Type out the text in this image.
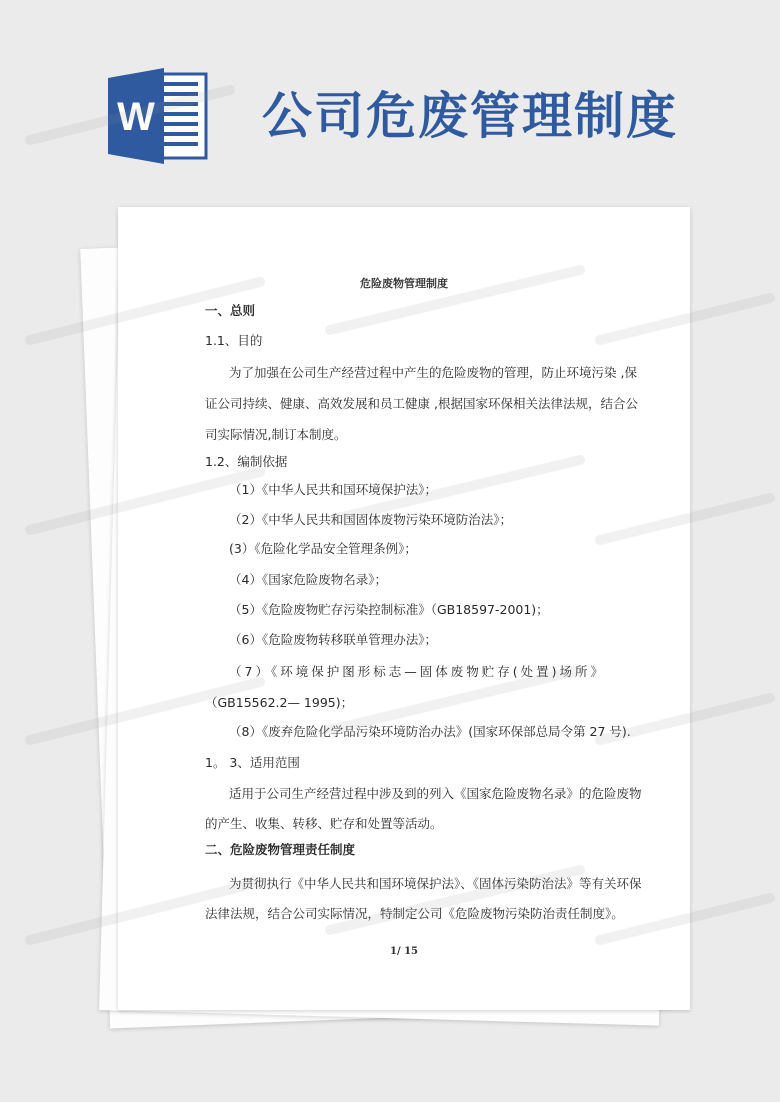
W 公司危废管理制度
危险废物管理制度
一、总则
1.1、目的
为了加强在公司生产经营过程中产生的危险废物的管理，防止环境污染 ,保
证公司持续、健康、高效发展和员工健康 ,根据国家环保相关法律法规，结合公
司实际情况,制订本制度。
1.2、编制依据
（1）《中华人民共和国环境保护法》；
（2）《中华人民共和国固体废物污染环境防治法》；
(3）《危险化学品安全管理条例》；
（4）《国家危险废物名录》；
（5）《危险废物贮存污染控制标准》（GB18597-2001)；
（6）《危险废物转移联单管理办法》；
（7）《环境保护图形标志—固体废物贮存(处置)场所》
（GB15562.2— 1995)；
（8）《废弃危险化学品污染环境防治办法》(国家环保部总局令第 27 号).
1。 3、适用范围
适用于公司生产经营过程中涉及到的列入《国家危险废物名录》的危险废物
的产生、收集、转移、贮存和处置等活动。
二、危险废物管理责任制度
为贯彻执行《中华人民共和国环境保护法》、《固体污染防治法》等有关环保
法律法规，结合公司实际情况，特制定公司《危险废物污染防治责任制度》。
1/ 15
